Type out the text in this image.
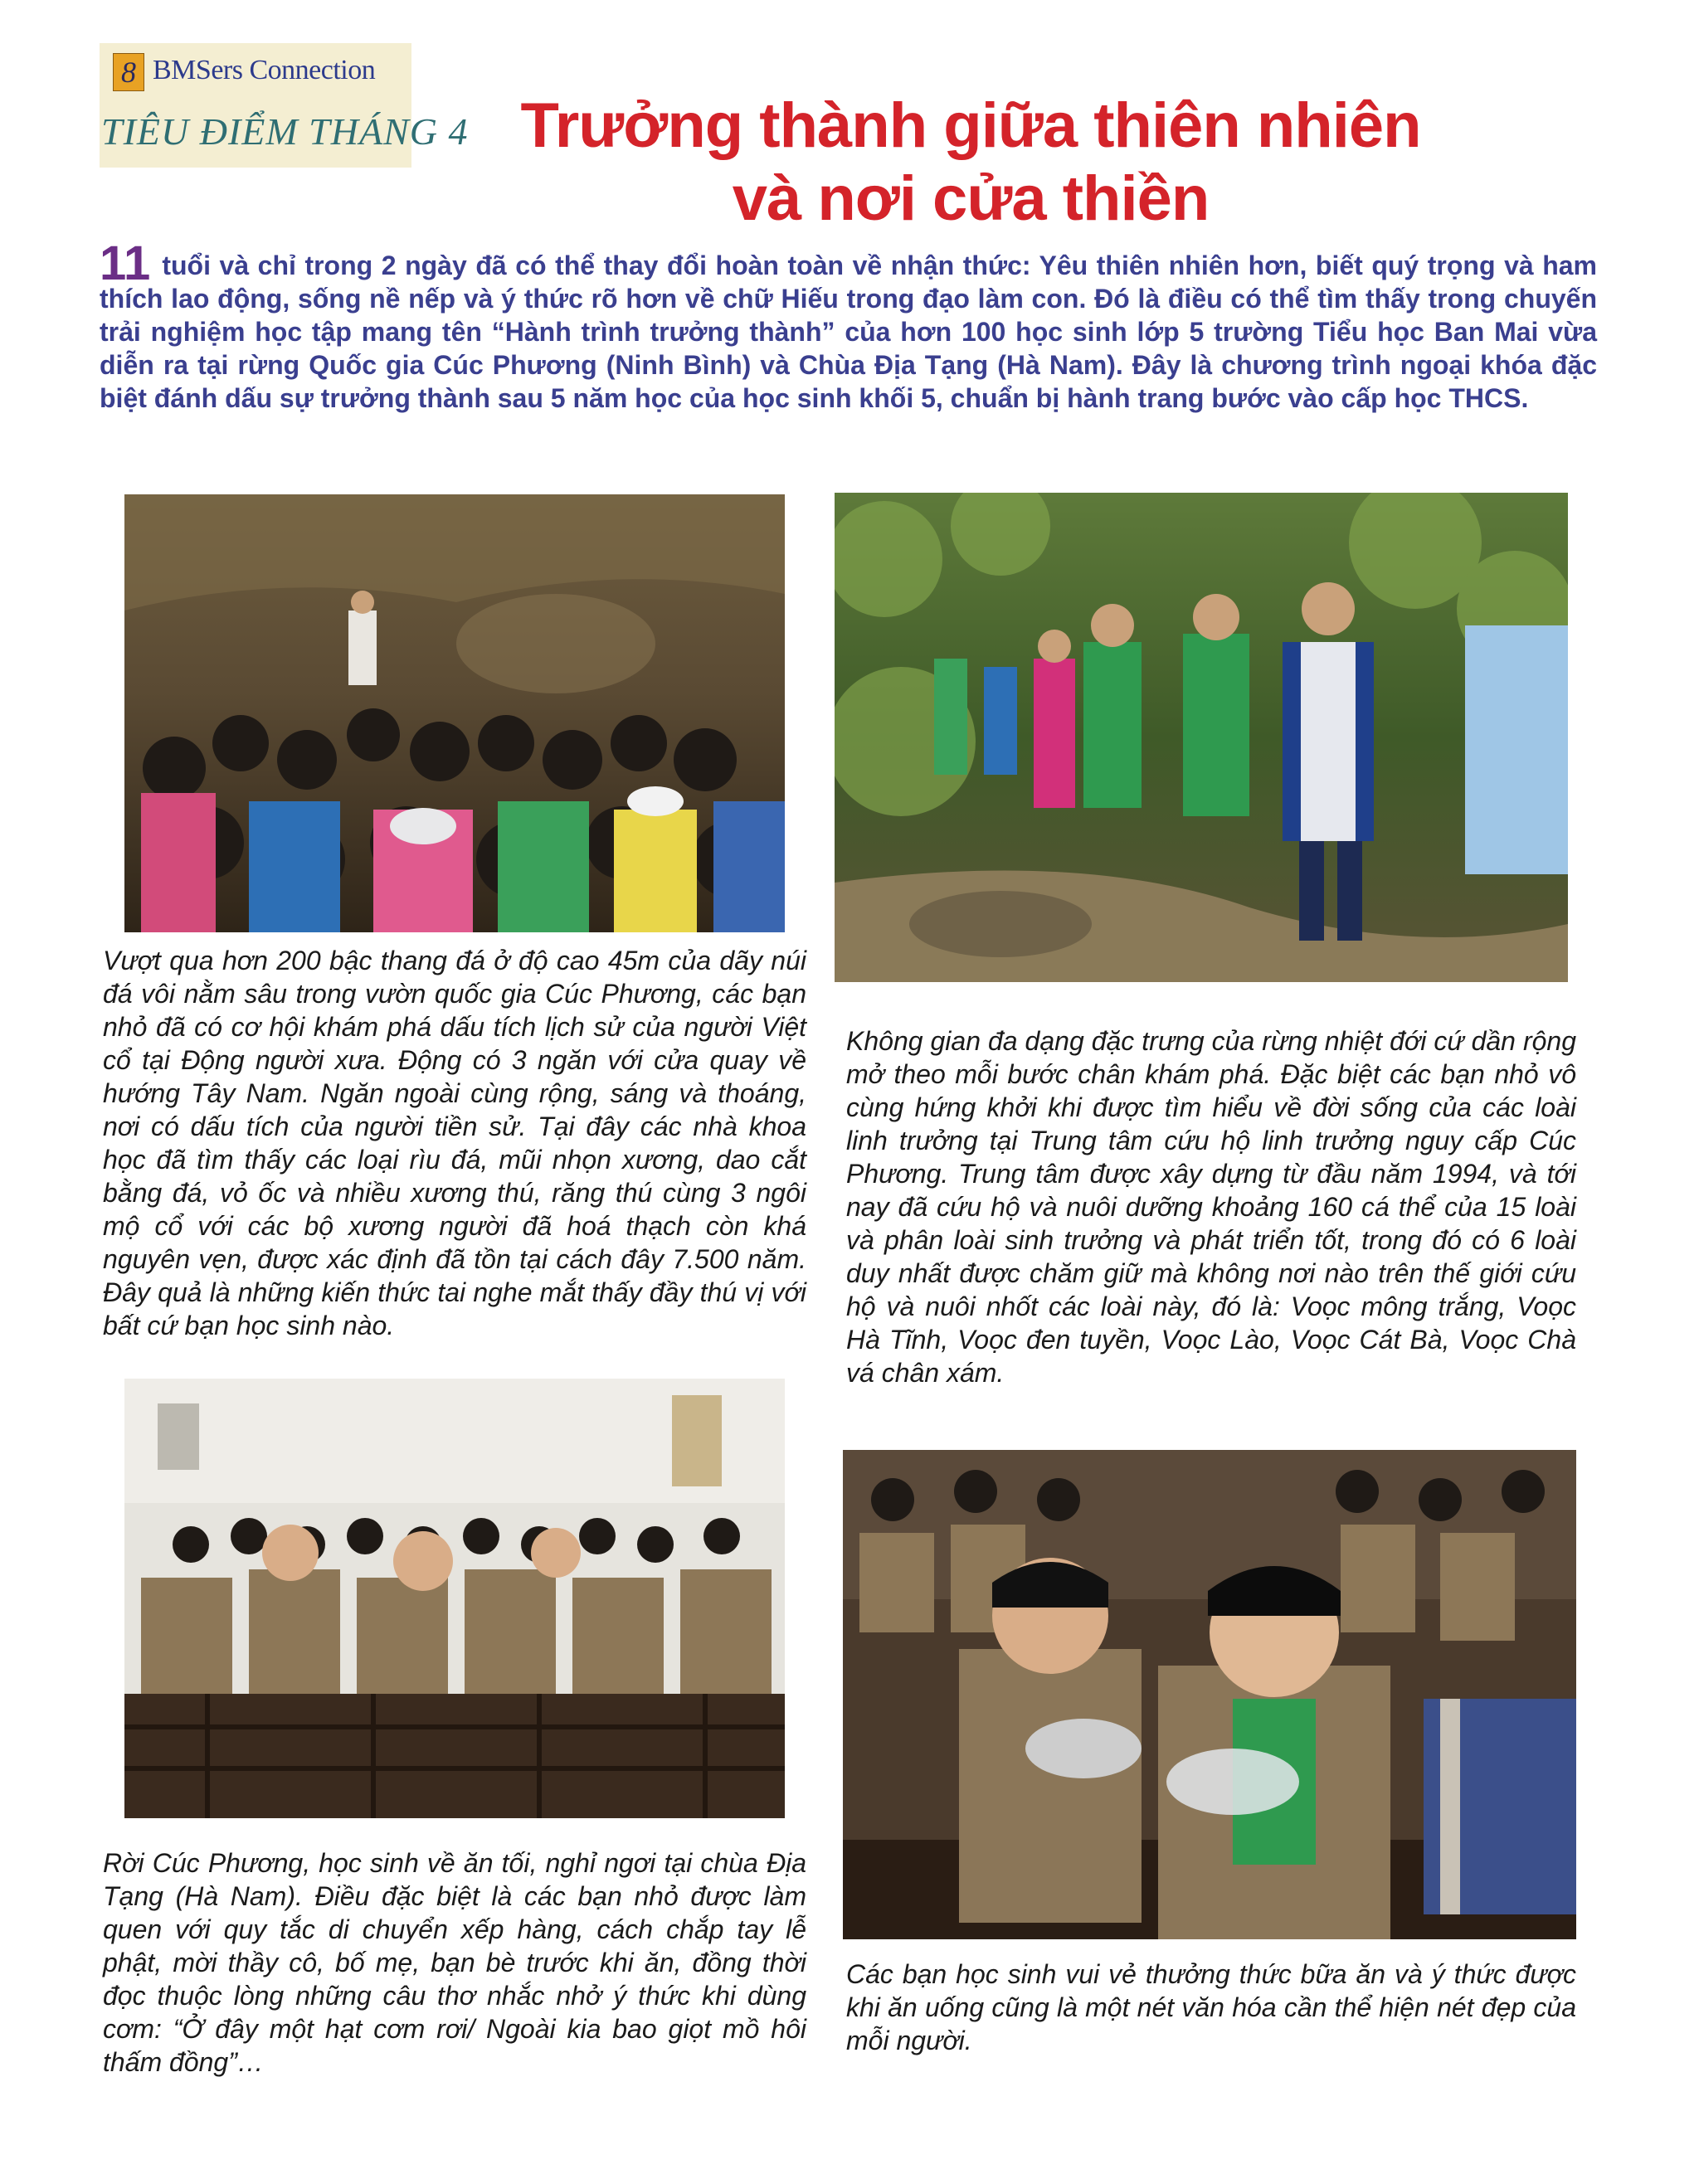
8 BMSers Connection
TIÊU ĐIỂM THÁNG 4 Trưởng thành giữa thiên nhiên
và nơi cửa thiền
11 tuổi và chỉ trong 2 ngày đã có thể thay đổi hoàn toàn về nhận thức: Yêu thiên nhiên hơn, biết quý trọng và ham thích lao động, sống nề nếp và ý thức rõ hơn về chữ Hiếu trong đạo làm con. Đó là điều có thể tìm thấy trong chuyến trải nghiệm học tập mang tên “Hành trình trưởng thành” của hơn 100 học sinh lớp 5 trường Tiểu học Ban Mai vừa diễn ra tại rừng Quốc gia Cúc Phương (Ninh Bình) và Chùa Địa Tạng (Hà Nam). Đây là chương trình ngoại khóa đặc biệt đánh dấu sự trưởng thành sau 5 năm học của học sinh khối 5, chuẩn bị hành trang bước vào cấp học THCS.
Vượt qua hơn 200 bậc thang đá ở độ cao 45m của dãy núi đá vôi nằm sâu trong vườn quốc gia Cúc Phương, các bạn nhỏ đã có cơ hội khám phá dấu tích lịch sử của người Việt cổ tại Động người xưa. Động có 3 ngăn với cửa quay về hướng Tây Nam. Ngăn ngoài cùng rộng, sáng và thoáng, nơi có dấu tích của người tiền sử. Tại đây các nhà khoa học đã tìm thấy các loại rìu đá, mũi nhọn xương, dao cắt bằng đá, vỏ ốc và nhiều xương thú, răng thú cùng 3 ngôi mộ cổ với các bộ xương người đã hoá thạch còn khá nguyên vẹn, được xác định đã tồn tại cách đây 7.500 năm. Đây quả là những kiến thức tai nghe mắt thấy đầy thú vị với bất cứ bạn học sinh nào.
Không gian đa dạng đặc trưng của rừng nhiệt đới cứ dần rộng mở theo mỗi bước chân khám phá. Đặc biệt các bạn nhỏ vô cùng hứng khởi khi được tìm hiểu về đời sống của các loài linh trưởng tại Trung tâm cứu hộ linh trưởng nguy cấp Cúc Phương. Trung tâm được xây dựng từ đầu năm 1994, và tới nay đã cứu hộ và nuôi dưỡng khoảng 160 cá thể của 15 loài và phân loài sinh trưởng và phát triển tốt, trong đó có 6 loài duy nhất được chăm giữ mà không nơi nào trên thế giới cứu hộ và nuôi nhốt các loài này, đó là: Voọc mông trắng, Voọc Hà Tĩnh, Voọc đen tuyền, Voọc Lào, Voọc Cát Bà, Voọc Chà vá chân xám.
Rời Cúc Phương, học sinh về ăn tối, nghỉ ngơi tại chùa Địa Tạng (Hà Nam). Điều đặc biệt là các bạn nhỏ được làm quen với quy tắc di chuyển xếp hàng, cách chắp tay lễ phật, mời thầy cô, bố mẹ, bạn bè trước khi ăn, đồng thời đọc thuộc lòng những câu thơ nhắc nhở ý thức khi dùng cơm: “Ở đây một hạt cơm rơi/ Ngoài kia bao giọt mồ hôi thấm đồng”…
Các bạn học sinh vui vẻ thưởng thức bữa ăn và ý thức được khi ăn uống cũng là một nét văn hóa cần thể hiện nét đẹp của mỗi người.
